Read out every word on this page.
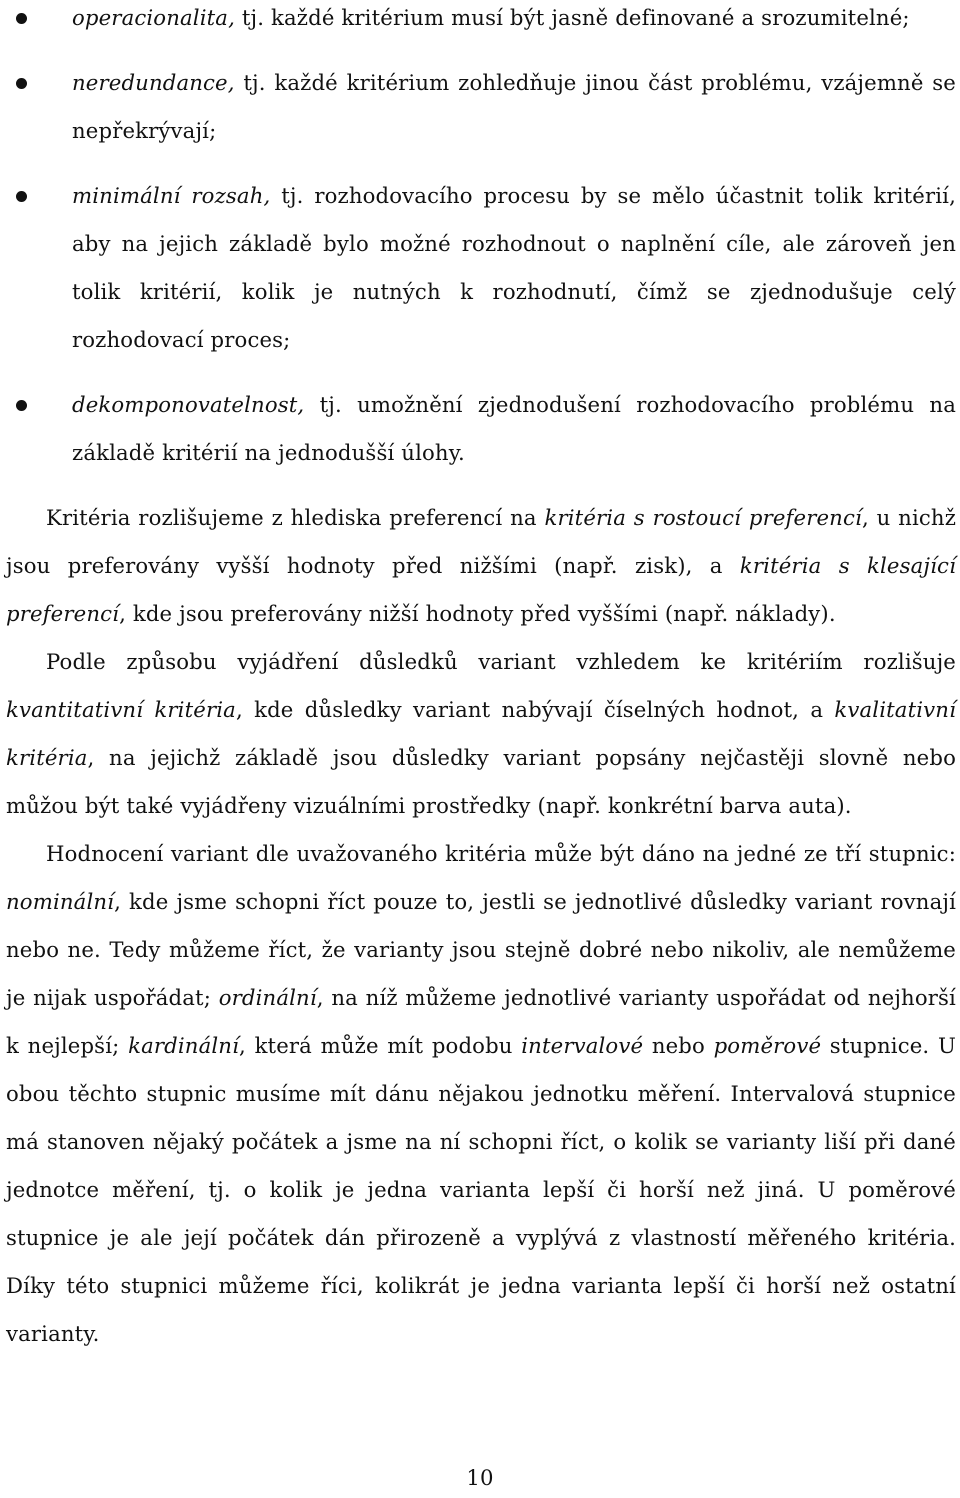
operacionalita, tj. každé kritérium musí být jasně definované a srozumitelné;
neredundance, tj. každé kritérium zohledňuje jinou část problému, vzájemně se nepřekrývají;
minimální rozsah, tj. rozhodovacího procesu by se mělo účastnit tolik kritérií, aby na jejich základě bylo možné rozhodnout o naplnění cíle, ale zároveň jen tolik kritérií, kolik je nutných k rozhodnutí, čímž se zjednodušuje celý rozhodovací proces;
dekomponovatelnost, tj. umožnění zjednodušení rozhodovacího problému na základě kritérií na jednodušší úlohy.

Kritéria rozlišujeme z hlediska preferencí na kritéria s rostoucí preferencí, u nichž jsou preferovány vyšší hodnoty před nižšími (např. zisk), a kritéria s klesající preferencí, kde jsou preferovány nižší hodnoty před vyššími (např. náklady).

Podle způsobu vyjádření důsledků variant vzhledem ke kritériím rozlišuje kvantitativní kritéria, kde důsledky variant nabývají číselných hodnot, a kvalitativní kritéria, na jejichž základě jsou důsledky variant popsány nejčastěji slovně nebo můžou být také vyjádřeny vizuálními prostředky (např. konkrétní barva auta).

Hodnocení variant dle uvažovaného kritéria může být dáno na jedné ze tří stupnic: nominální, kde jsme schopni říct pouze to, jestli se jednotlivé důsledky variant rovnají nebo ne. Tedy můžeme říct, že varianty jsou stejně dobré nebo nikoliv, ale nemůžeme je nijak uspořádat; ordinální, na níž můžeme jednotlivé varianty uspořádat od nejhorší k nejlepší; kardinální, která může mít podobu intervalové nebo poměrové stupnice. U obou těchto stupnic musíme mít dánu nějakou jednotku měření. Intervalová stupnice má stanoven nějaký počátek a jsme na ní schopni říct, o kolik se varianty liší při dané jednotce měření, tj. o kolik je jedna varianta lepší či horší než jiná. U poměrové stupnice je ale její počátek dán přirozeně a vyplývá z vlastností měřeného kritéria. Díky této stupnici můžeme říci, kolikrát je jedna varianta lepší či horší než ostatní varianty.

10
